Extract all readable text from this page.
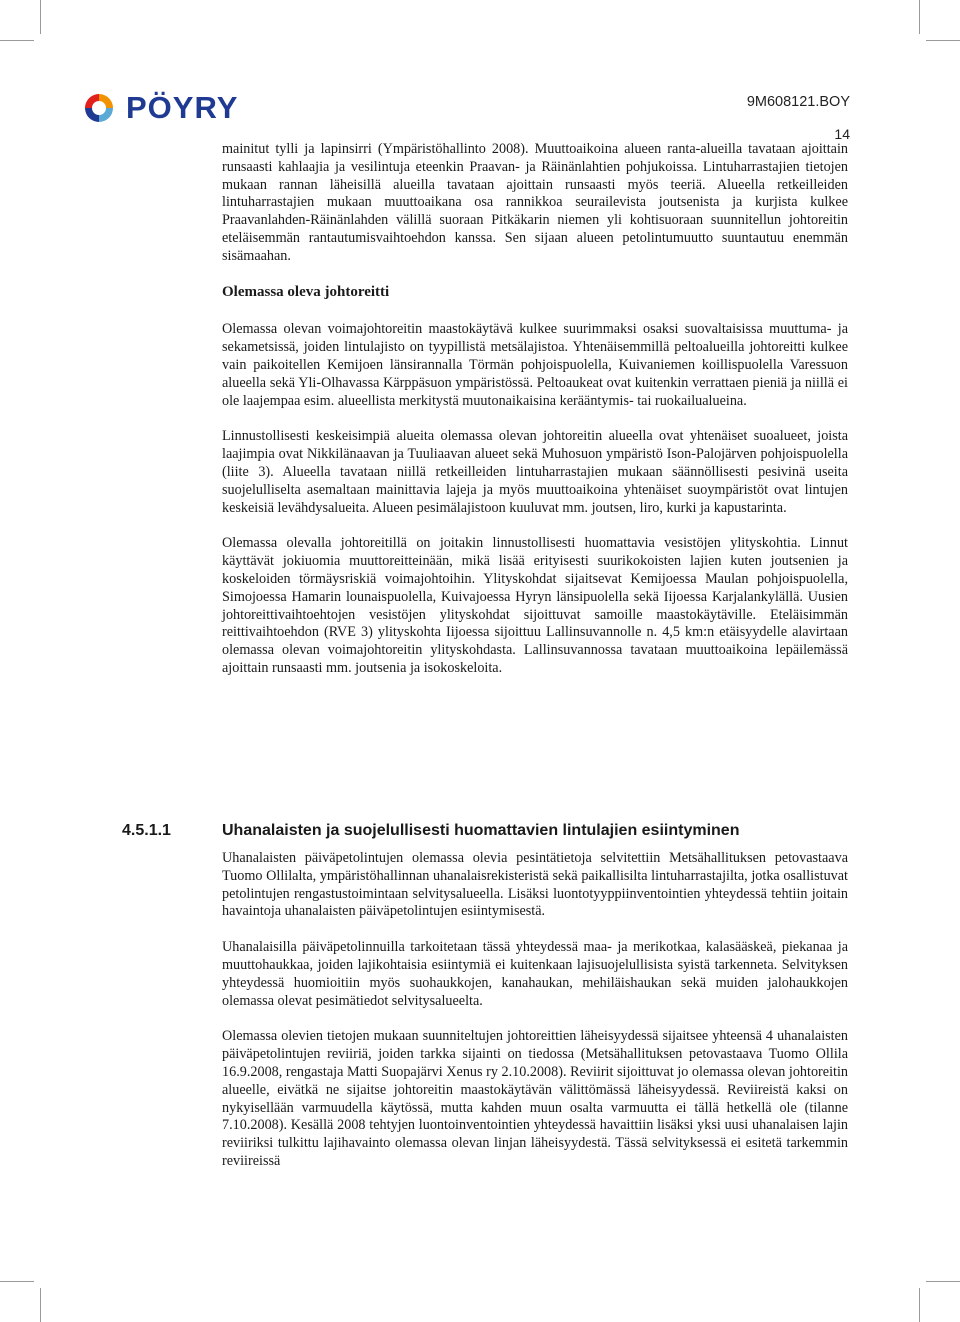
PÖYRY	9M608121.BOY
14

mainitut tylli ja lapinsirri (Ympäristöhallinto 2008). Muuttoaikoina alueen ranta-alueilla tavataan ajoittain runsaasti kahlaajia ja vesilintuja eteenkin Praavan- ja Räinänlahtien pohjukoissa. Lintuharrastajien tietojen mukaan rannan läheisillä alueilla tavataan ajoittain runsaasti myös teeriä. Alueella retkeilleiden lintuharrastajien mukaan muuttoaikana osa rannikkoa seurailevista joutsenista ja kurjista kulkee Praavanlahden-Räinänlahden välillä suoraan Pitkäkarin niemen yli kohtisuoraan suunnitellun johtoreitin eteläisemmän rantautumisvaihtoehdon kanssa. Sen sijaan alueen petolintumuutto suuntautuu enemmän sisämaahan.

Olemassa oleva johtoreitti

Olemassa olevan voimajohtoreitin maastokäytävä kulkee suurimmaksi osaksi suovaltaisissa muuttuma- ja sekametsissä, joiden lintulajisto on tyypillistä metsälajistoa. Yhtenäisemmillä peltoalueilla johtoreitti kulkee vain paikoitellen Kemijoen länsirannalla Törmän pohjoispuolella, Kuivaniemen koillispuolella Varessuon alueella sekä Yli-Olhavassa Kärppäsuon ympäristössä. Peltoaukeat ovat kuitenkin verrattaen pieniä ja niillä ei ole laajempaa esim. alueellista merkitystä muutonaikaisina kerääntymis- tai ruokailualueina.

Linnustollisesti keskeisimpiä alueita olemassa olevan johtoreitin alueella ovat yhtenäiset suoalueet, joista laajimpia ovat Nikkilänaavan ja Tuuliaavan alueet sekä Muhosuon ympäristö Ison-Palojärven pohjoispuolella (liite 3). Alueella tavataan niillä retkeilleiden lintuharrastajien mukaan säännöllisesti pesivinä useita suojelulliselta asemaltaan mainittavia lajeja ja myös muuttoaikoina yhtenäiset suoympäristöt ovat lintujen keskeisiä levähdysalueita. Alueen pesimälajistoon kuuluvat mm. joutsen, liro, kurki ja kapustarinta.

Olemassa olevalla johtoreitillä on joitakin linnustollisesti huomattavia vesistöjen ylityskohtia. Linnut käyttävät jokiuomia muuttoreitteinään, mikä lisää erityisesti suurikokoisten lajien kuten joutsenien ja koskeloiden törmäysriskiä voimajohtoihin. Ylityskohdat sijaitsevat Kemijoessa Maulan pohjoispuolella, Simojoessa Hamarin lounaispuolella, Kuivajoessa Hyryn länsipuolella sekä Iijoessa Karjalankylällä. Uusien johtoreittivaihtoehtojen vesistöjen ylityskohdat sijoittuvat samoille maastokäytäville. Eteläisimmän reittivaihtoehdon (RVE 3) ylityskohta Iijoessa sijoittuu Lallinsuvannolle n. 4,5 km:n etäisyydelle alavirtaan olemassa olevan voimajohtoreitin ylityskohdasta. Lallinsuvannossa tavataan muuttoaikoina lepäilemässä ajoittain runsaasti mm. joutsenia ja isokoskeloita.

4.5.1.1	Uhanalaisten ja suojelullisesti huomattavien lintulajien esiintyminen

Uhanalaisten päiväpetolintujen olemassa olevia pesintätietoja selvitettiin Metsähallituksen petovastaava Tuomo Ollilalta, ympäristöhallinnan uhanalaisrekisteristä sekä paikallisilta lintuharrastajilta, jotka osallistuvat petolintujen rengastustoimintaan selvitysalueella. Lisäksi luontotyyppiinventointien yhteydessä tehtiin joitain havaintoja uhanalaisten päiväpetolintujen esiintymisestä.

Uhanalaisilla päiväpetolinnuilla tarkoitetaan tässä yhteydessä maa- ja merikotkaa, kalasääskeä, piekanaa ja muuttohaukkaa, joiden lajikohtaisia esiintymiä ei kuitenkaan lajisuojelullisista syistä tarkenneta. Selvityksen yhteydessä huomioitiin myös suohaukkojen, kanahaukan, mehiläishaukan sekä muiden jalohaukkojen olemassa olevat pesimätiedot selvitysalueelta.

Olemassa olevien tietojen mukaan suunniteltujen johtoreittien läheisyydessä sijaitsee yhteensä 4 uhanalaisten päiväpetolintujen reviiriä, joiden tarkka sijainti on tiedossa (Metsähallituksen petovastaava Tuomo Ollila 16.9.2008, rengastaja Matti Suopajärvi Xenus ry 2.10.2008). Reviirit sijoittuvat jo olemassa olevan johtoreitin alueelle, eivätkä ne sijaitse johtoreitin maastokäytävän välittömässä läheisyydessä. Reviireistä kaksi on nykyisellään varmuudella käytössä, mutta kahden muun osalta varmuutta ei tällä hetkellä ole (tilanne 7.10.2008). Kesällä 2008 tehtyjen luontoinventointien yhteydessä havaittiin lisäksi yksi uusi uhanalaisen lajin reviiriksi tulkittu lajihavainto olemassa olevan linjan läheisyydestä. Tässä selvityksessä ei esitetä tarkemmin reviireissä
